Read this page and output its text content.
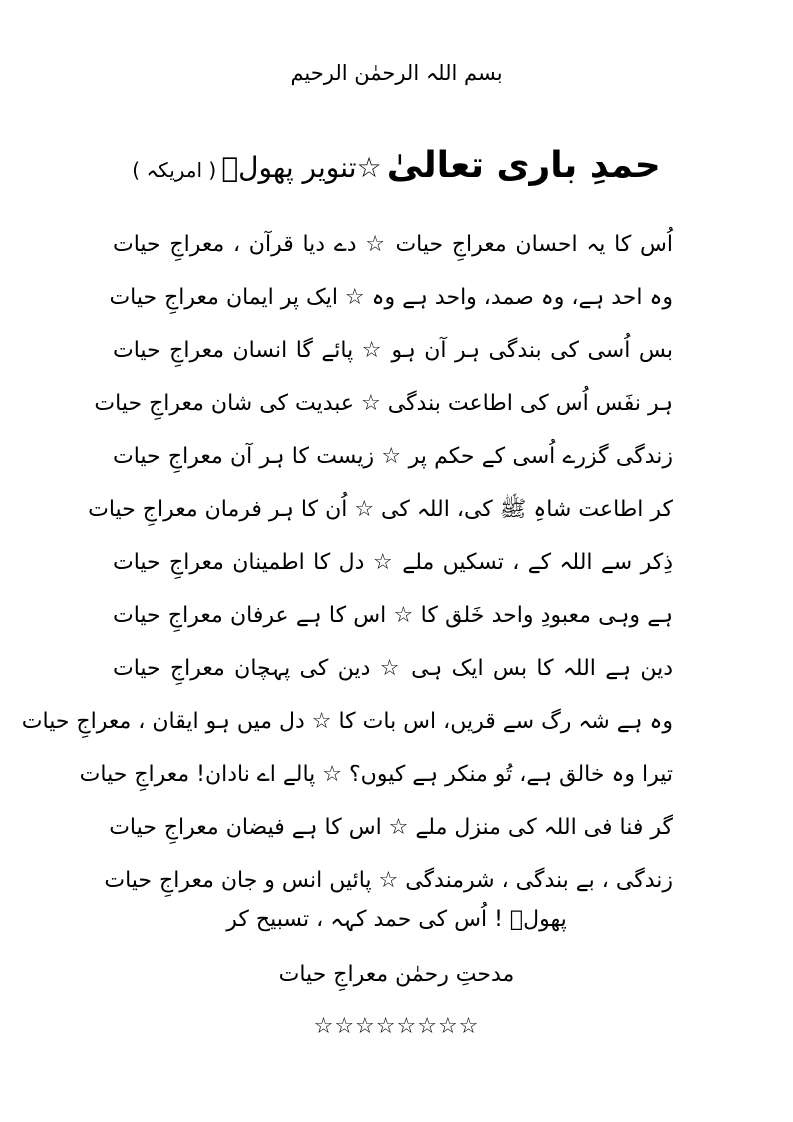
بسم اللہ الرحمٰن الرحیم
حمدِ باری تعالیٰ ☆تنویر پھولؔ ( امریکہ )
اُس کا یہ احسان معراجِ حیات ☆ دے دیا قرآن ، معراجِ حیات
وہ احد ہے، وہ صمد، واحد ہے وہ ☆ ایک پر ایمان معراجِ حیات
بس اُسی کی بندگی ہر آن ہو ☆ پائے گا انسان معراجِ حیات
ہر نفَس اُس کی اطاعت بندگی ☆ عبدیت کی شان معراجِ حیات
زندگی گزرے اُسی کے حکم پر ☆ زیست کا ہر آن معراجِ حیات
کر اطاعت شاہِ ﷺ کی، اللہ کی ☆ اُن کا ہر فرمان معراجِ حیات
ذِکر سے اللہ کے ، تسکیں ملے ☆ دل کا اطمینان معراجِ حیات
ہے وہی معبودِ واحد خَلق کا ☆ اس کا ہے عرفان معراجِ حیات
دین ہے اللہ کا بس ایک ہی ☆ دین کی پہچان معراجِ حیات
وہ ہے شہ رگ سے قریں، اس بات کا ☆ دل میں ہو ایقان ، معراجِ حیات
تیرا وہ خالق ہے، تُو منکر ہے کیوں؟ ☆ پالے اے نادان! معراجِ حیات
گر فنا فی اللہ کی منزل ملے ☆ اس کا ہے فیضان معراجِ حیات
زندگی ، بے بندگی ، شرمندگی ☆ پائیں انس و جان معراجِ حیات
پھولؔ ! اُس کی حمد کہہ ، تسبیح کر
مدحتِ رحمٰن معراجِ حیات
☆☆☆☆☆☆☆☆
